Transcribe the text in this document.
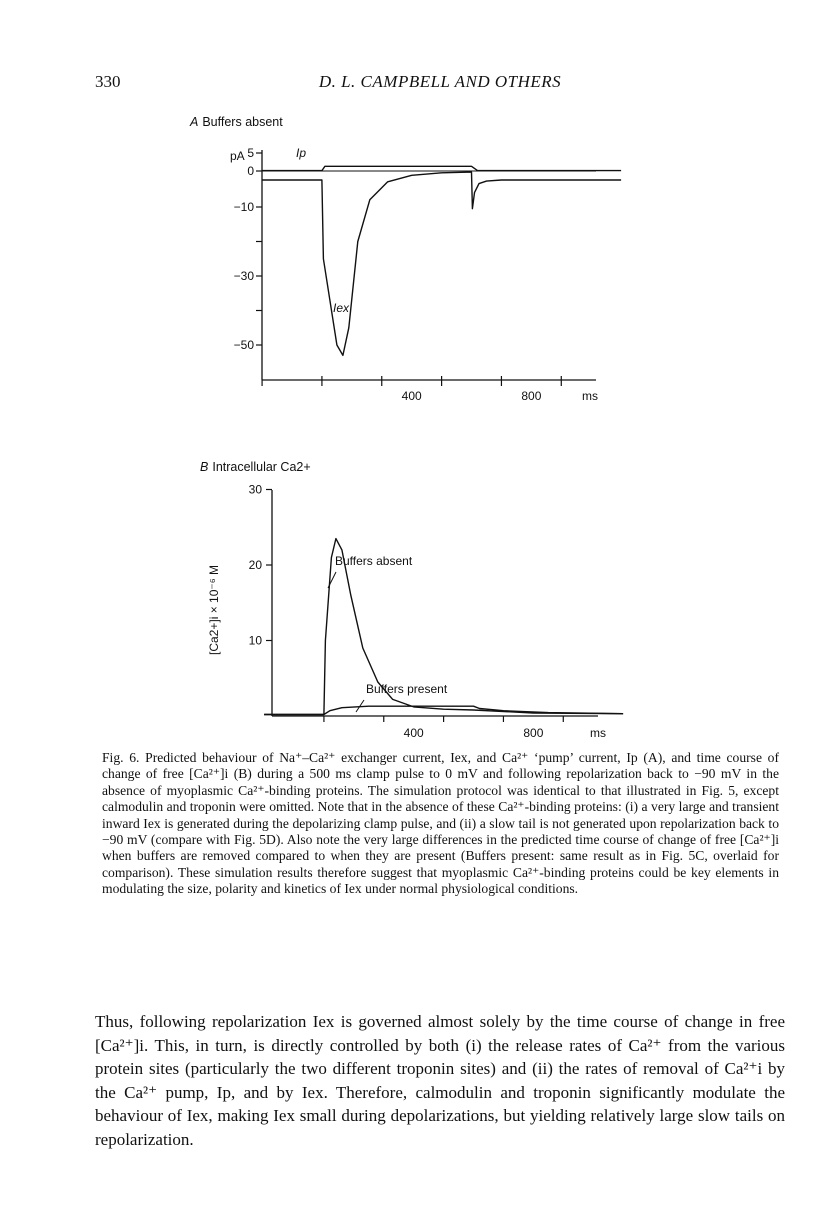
330	D. L. CAMPBELL AND OTHERS
A Buffers absent
B Intracellular Ca2+
pA
ms
Ip
Iex
[Ca2+]i × 10⁻⁶ M
Buffers absent
Buffers present
ms
5
0
−10
−30
−50
400	800
30
20
10
400	800

Fig. 6. Predicted behaviour of Na⁺–Ca²⁺ exchanger current, Iex, and Ca²⁺ ‘pump’ current, Ip (A), and time course of change of free [Ca²⁺]i (B) during a 500 ms clamp pulse to 0 mV and following repolarization back to −90 mV in the absence of myoplasmic Ca²⁺-binding proteins. The simulation protocol was identical to that illustrated in Fig. 5, except calmodulin and troponin were omitted. Note that in the absence of these Ca²⁺-binding proteins: (i) a very large and transient inward Iex is generated during the depolarizing clamp pulse, and (ii) a slow tail is not generated upon repolarization back to −90 mV (compare with Fig. 5D). Also note the very large differences in the predicted time course of change of free [Ca²⁺]i when buffers are removed compared to when they are present (Buffers present: same result as in Fig. 5C, overlaid for comparison). These simulation results therefore suggest that myoplasmic Ca²⁺-binding proteins could be key elements in modulating the size, polarity and kinetics of Iex under normal physiological conditions.

Thus, following repolarization Iex is governed almost solely by the time course of change in free [Ca²⁺]i. This, in turn, is directly controlled by both (i) the release rates of Ca²⁺ from the various protein sites (particularly the two different troponin sites) and (ii) the rates of removal of Ca²⁺i by the Ca²⁺ pump, Ip, and by Iex. Therefore, calmodulin and troponin significantly modulate the behaviour of Iex, making Iex small during depolarizations, but yielding relatively large slow tails on repolarization.
